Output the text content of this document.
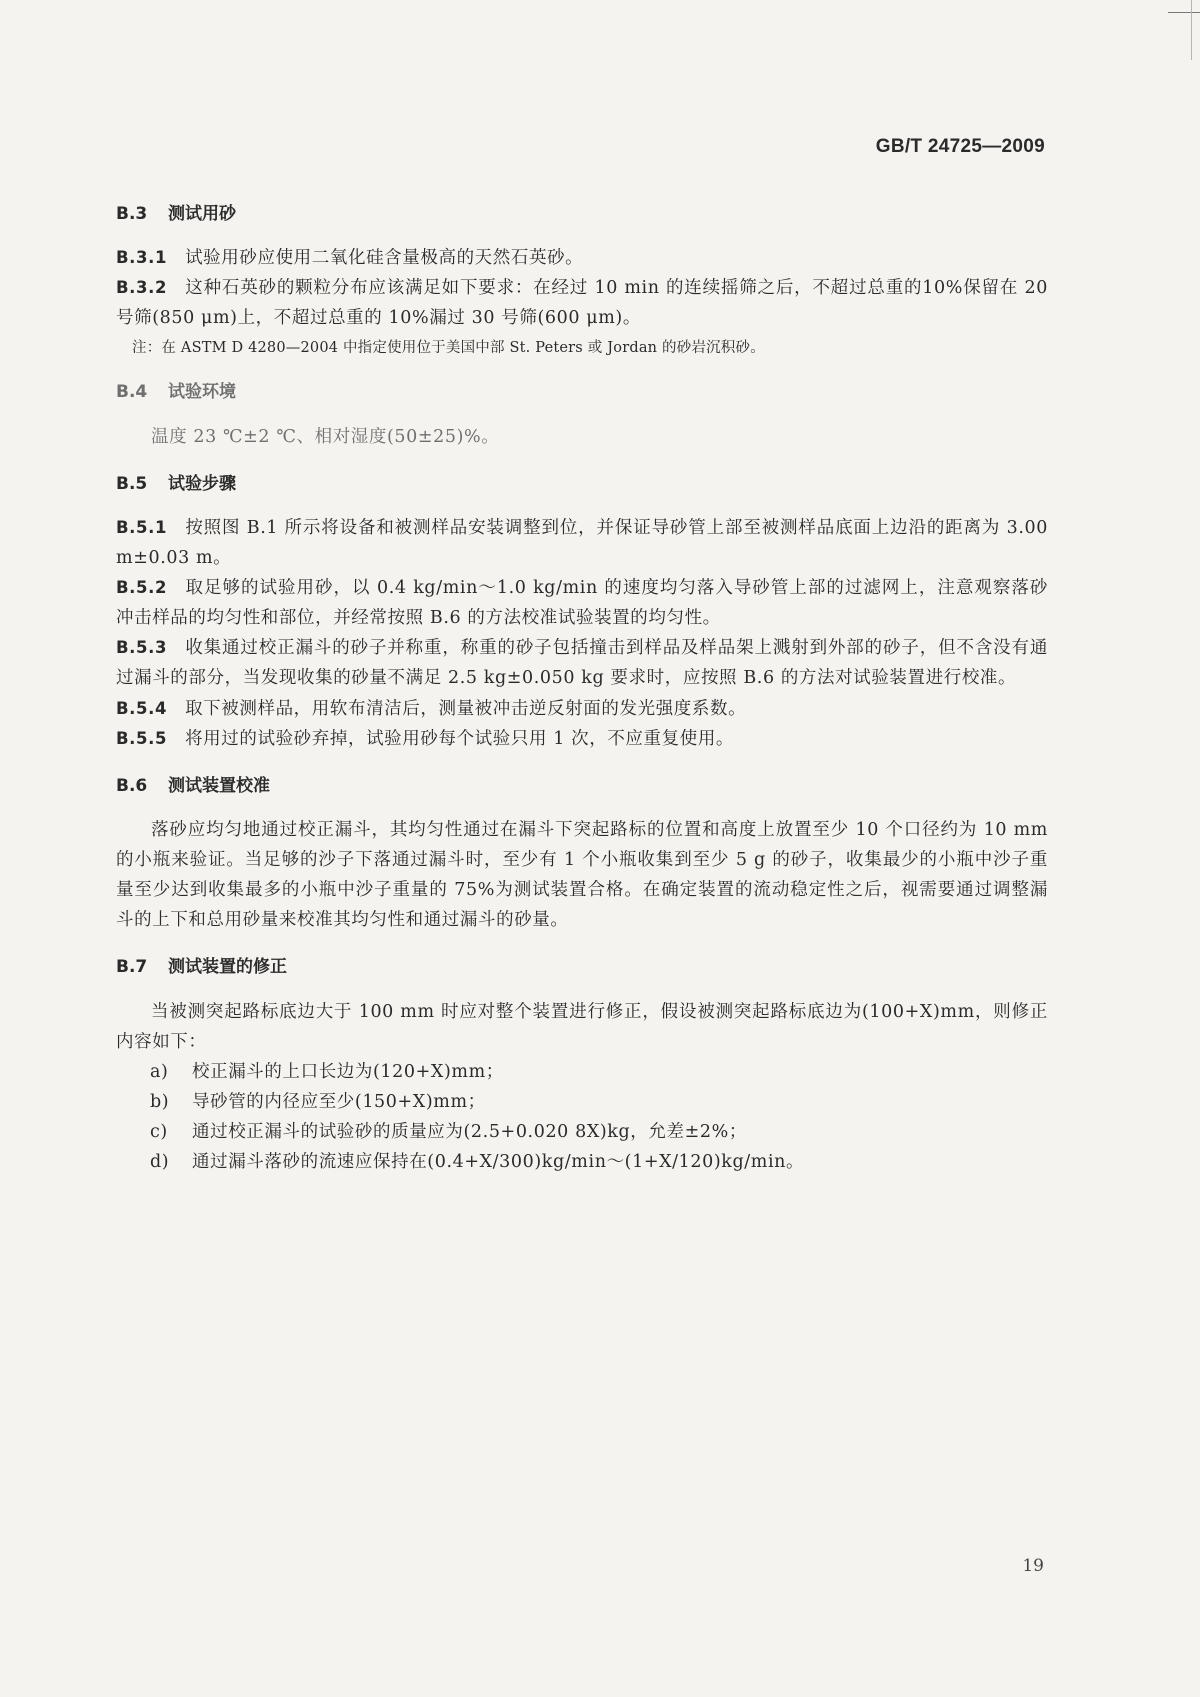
GB/T 24725—2009
B.3 测试用砂

B.3.1 试验用砂应使用二氧化硅含量极高的天然石英砂。

B.3.2 这种石英砂的颗粒分布应该满足如下要求：在经过 10 min 的连续摇筛之后，不超过总重的10%保留在 20 号筛(850 μm)上，不超过总重的 10%漏过 30 号筛(600 μm)。

注：在 ASTM D 4280—2004 中指定使用位于美国中部 St. Peters 或 Jordan 的砂岩沉积砂。
B.4 试验环境

温度 23 ℃±2 ℃、相对湿度(50±25)%。

B.5 试验步骤

B.5.1 按照图 B.1 所示将设备和被测样品安装调整到位，并保证导砂管上部至被测样品底面上边沿的距离为 3.00 m±0.03 m。

B.5.2 取足够的试验用砂，以 0.4 kg/min～1.0 kg/min 的速度均匀落入导砂管上部的过滤网上，注意观察落砂冲击样品的均匀性和部位，并经常按照 B.6 的方法校准试验装置的均匀性。

B.5.3 收集通过校正漏斗的砂子并称重，称重的砂子包括撞击到样品及样品架上溅射到外部的砂子，但不含没有通过漏斗的部分，当发现收集的砂量不满足 2.5 kg±0.050 kg 要求时，应按照 B.6 的方法对试验装置进行校准。

B.5.4 取下被测样品，用软布清洁后，测量被冲击逆反射面的发光强度系数。

B.5.5 将用过的试验砂弃掉，试验用砂每个试验只用 1 次，不应重复使用。

B.6 测试装置校准

落砂应均匀地通过校正漏斗，其均匀性通过在漏斗下突起路标的位置和高度上放置至少 10 个口径约为 10 mm 的小瓶来验证。当足够的沙子下落通过漏斗时，至少有 1 个小瓶收集到至少 5 g 的砂子，收集最少的小瓶中沙子重量至少达到收集最多的小瓶中沙子重量的 75%为测试装置合格。在确定装置的流动稳定性之后，视需要通过调整漏斗的上下和总用砂量来校准其均匀性和通过漏斗的砂量。

B.7 测试装置的修正

当被测突起路标底边大于 100 mm 时应对整个装置进行修正，假设被测突起路标底边为(100+X)mm，则修正内容如下：

a) 校正漏斗的上口长边为(120+X)mm；

b) 导砂管的内径应至少(150+X)mm；

c) 通过校正漏斗的试验砂的质量应为(2.5+0.020 8X)kg，允差±2%；

d) 通过漏斗落砂的流速应保持在(0.4+X/300)kg/min～(1+X/120)kg/min。

19
